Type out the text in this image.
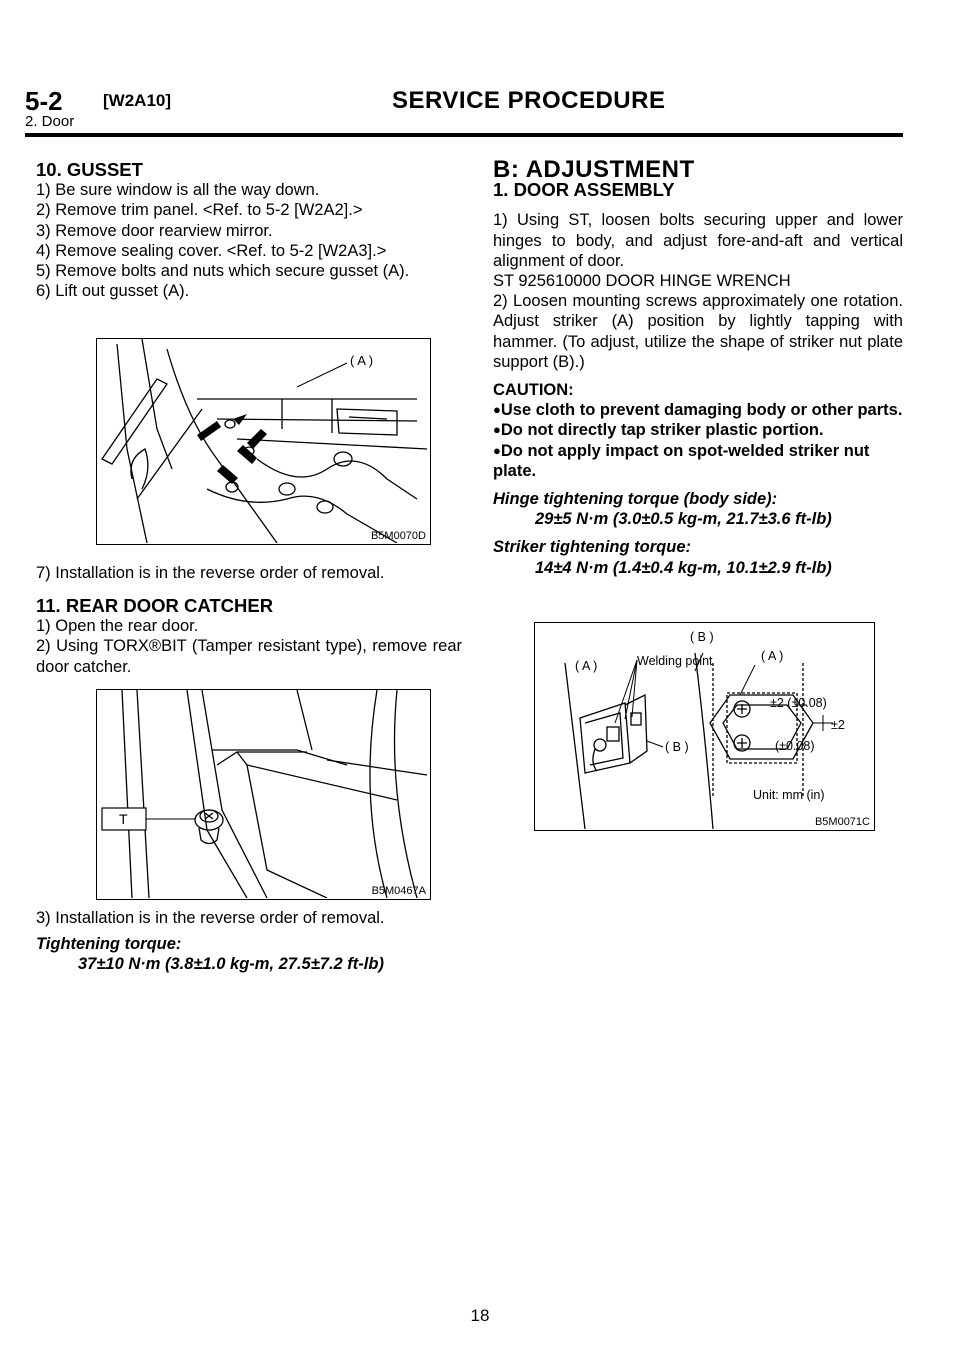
5-2 [W2A10]	SERVICE PROCEDURE
2. Door

10. GUSSET

1) Be sure window is all the way down.

2) Remove trim panel. <Ref. to 5-2 [W2A2].>

3) Remove door rearview mirror.

4) Remove sealing cover. <Ref. to 5-2 [W2A3].>

5) Remove bolts and nuts which secure gusset (A).

6) Lift out gusset (A).

( A )
B5M0070D

7) Installation is in the reverse order of removal.

11. REAR DOOR CATCHER

1) Open the rear door.

2) Using TORX®BIT (Tamper resistant type), remove rear door catcher.

T
B5M0467A

3) Installation is in the reverse order of removal.

Tightening torque:

37±10 N·m (3.8±1.0 kg-m, 27.5±7.2 ft-lb)

B: ADJUSTMENT

1. DOOR ASSEMBLY

1) Using ST, loosen bolts securing upper and lower hinges to body, and adjust fore-and-aft and vertical alignment of door.

ST 925610000 DOOR HINGE WRENCH

2) Loosen mounting screws approximately one rotation. Adjust striker (A) position by lightly tapping with hammer. (To adjust, utilize the shape of striker nut plate support (B).)

CAUTION:

●Use cloth to prevent damaging body or other parts.

●Do not directly tap striker plastic portion.

●Do not apply impact on spot-welded striker nut plate.

Hinge tightening torque (body side):

29±5 N·m (3.0±0.5 kg-m, 21.7±3.6 ft-lb)

Striker tightening torque:

14±4 N·m (1.4±0.4 kg-m, 10.1±2.9 ft-lb)

( B )
( A )	Welding point	( A )
±2 (±0.08)
±2
(±0.08)
( B )
Unit: mm (in)
B5M0071C
18
